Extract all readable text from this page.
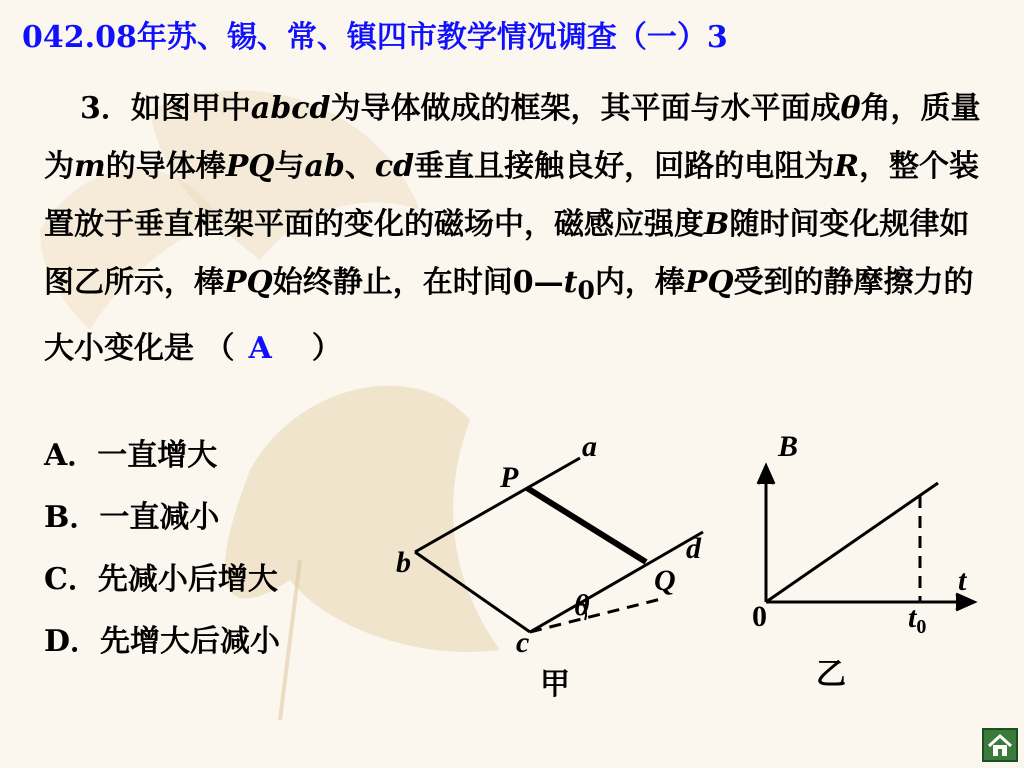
042.08年苏、锡、常、镇四市教学情况调查（一）3
3．如图甲中abcd为导体做成的框架，其平面与水平面成θ角，质量为m的导体棒PQ与ab、cd垂直且接触良好，回路的电阻为R，整个装置放于垂直框架平面的变化的磁场中，磁感应强度B随时间变化规律如图乙所示，棒PQ始终静止，在时间$0—t_0$内，棒PQ受到的静摩擦力的大小变化是 （ A ）
A．一直增大
B．一直减小
C．先减小后增大
D．先增大后减小
a
P
b	d
Q
θ
c
甲
B
t
0	$t_0$
乙
